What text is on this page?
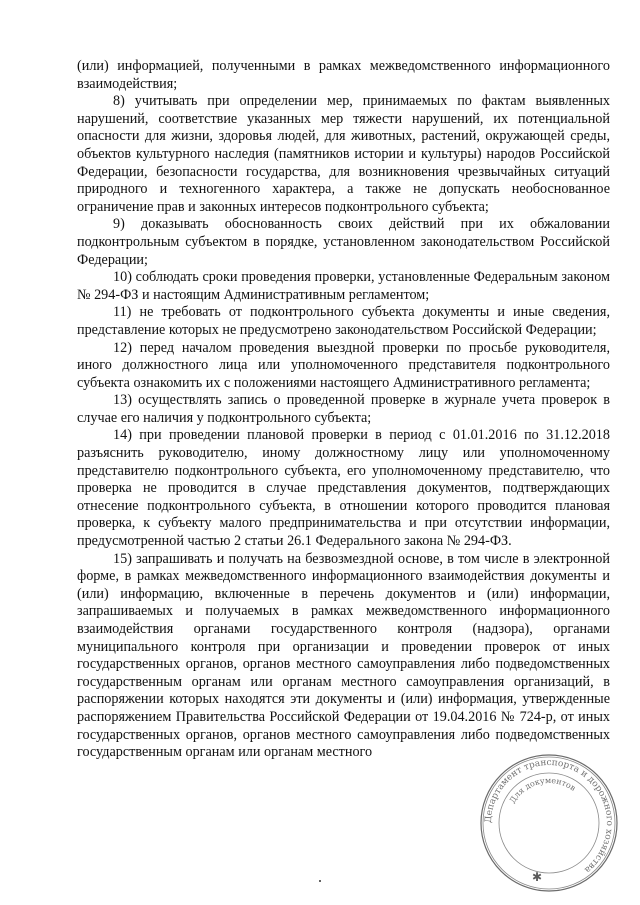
(или) информацией, полученными в рамках межведомственного информационного взаимодействия;

8) учитывать при определении мер, принимаемых по фактам выявленных нарушений, соответствие указанных мер тяжести нарушений, их потенциальной опасности для жизни, здоровья людей, для животных, растений, окружающей среды, объектов культурного наследия (памятников истории и культуры) народов Российской Федерации, безопасности государства, для возникновения чрезвычайных ситуаций природного и техногенного характера, а также не допускать необоснованное ограничение прав и законных интересов подконтрольного субъекта;

9) доказывать обоснованность своих действий при их обжаловании подконтрольным субъектом в порядке, установленном законодательством Российской Федерации;

10) соблюдать сроки проведения проверки, установленные Федеральным законом № 294-ФЗ и настоящим Административным регламентом;

11) не требовать от подконтрольного субъекта документы и иные сведения, представление которых не предусмотрено законодательством Российской Федерации;

12) перед началом проведения выездной проверки по просьбе руководителя, иного должностного лица или уполномоченного представителя подконтрольного субъекта ознакомить их с положениями настоящего Административного регламента;

13) осуществлять запись о проведенной проверке в журнале учета проверок в случае его наличия у подконтрольного субъекта;

14) при проведении плановой проверки в период с 01.01.2016 по 31.12.2018 разъяснить руководителю, иному должностному лицу или уполномоченному представителю подконтрольного субъекта, его уполномоченному представителю, что проверка не проводится в случае представления документов, подтверждающих отнесение подконтрольного субъекта, в отношении которого проводится плановая проверка, к субъекту малого предпринимательства и при отсутствии информации, предусмотренной частью 2 статьи 26.1 Федерального закона № 294-ФЗ.

15) запрашивать и получать на безвозмездной основе, в том числе в электронной форме, в рамках межведомственного информационного взаимодействия документы и (или) информацию, включенные в перечень документов и (или) информации, запрашиваемых и получаемых в рамках межведомственного информационного взаимодействия органами государственного контроля (надзора), органами муниципального контроля при организации и проведении проверок от иных государственных органов, органов местного самоуправления либо подведомственных государственным органам или органам местного самоуправления организаций, в распоряжении которых находятся эти документы и (или) информация, утвержденные распоряжением Правительства Российской Федерации от 19.04.2016 № 724-р, от иных государственных органов, органов местного самоуправления либо подведомственных государственным органам или органам местного

Департамент транспорта и дорожного хозяйства
Для документов
✱
